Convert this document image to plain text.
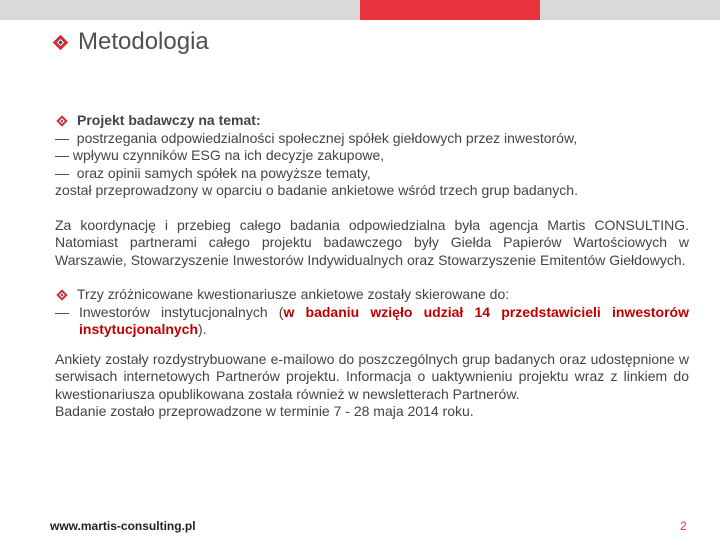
Metodologia
Projekt badawczy na temat:

—  postrzegania odpowiedzialności społecznej spółek giełdowych przez inwestorów,

— wpływu czynników ESG na ich decyzje zakupowe,

—  oraz opinii samych spółek na powyższe tematy,

został przeprowadzony w oparciu o badanie ankietowe wśród trzech grup badanych.

Za koordynację i przebieg całego badania odpowiedzialna była agencja Martis CONSULTING. Natomiast partnerami całego projektu badawczego były Giełda Papierów Wartościowych w Warszawie, Stowarzyszenie Inwestorów Indywidualnych oraz Stowarzyszenie Emitentów Giełdowych.

Trzy zróżnicowane kwestionariusze ankietowe zostały skierowane do:
— Inwestorów instytucjonalnych (w badaniu wzięło udział 14 przedstawicieli inwestorów instytucjonalnych).

Ankiety zostały rozdystrybuowane e-mailowo do poszczególnych grup badanych oraz udostępnione w serwisach internetowych Partnerów projektu. Informacja o uaktywnieniu projektu wraz z linkiem do kwestionariusza opublikowana została również w newsletterach Partnerów.

Badanie zostało przeprowadzone w terminie 7 - 28 maja 2014 roku.

www.martis-consulting.pl	2
